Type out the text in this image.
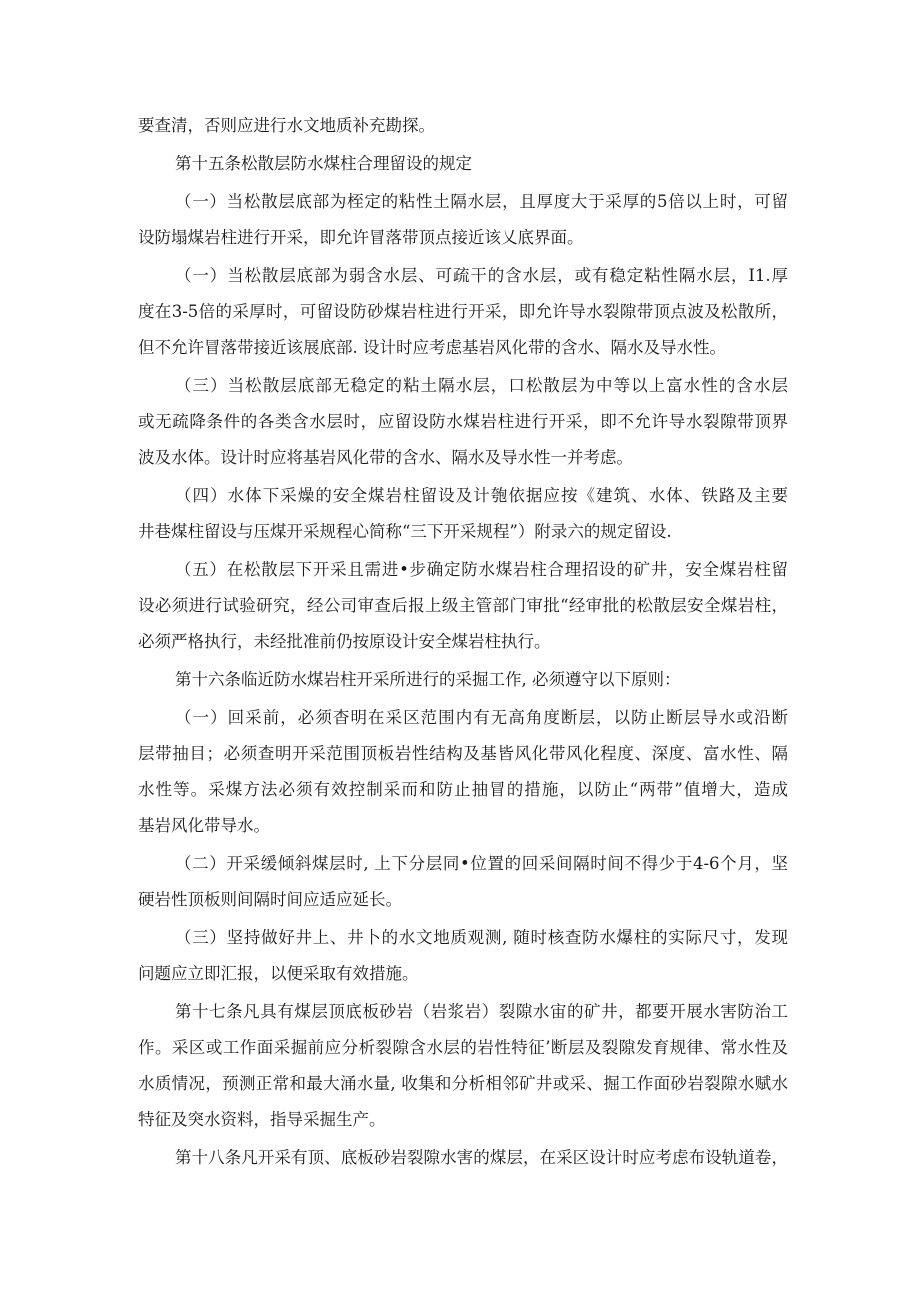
要查清，否则应进行水文地质补充勘探。
第十五条松散层防水煤柱合理留设的规定
（一）当松散层底部为桎定的粘性土隔水层，且厚度大于采厚的5倍以上时，可留
设防塌煤岩柱进行开采，即允许冒落带顶点接近该乂底界面。
（一）当松散层底部为弱含水层、可疏干的含水层，或有稳定粘性隔水层，I1.厚
度在3-5倍的采厚时，可留设防砂煤岩柱进行开采，即允许导水裂隙带顶点波及松散所，
但不允许冒落带接近该展底部. 设计时应考虑基岩风化带的含水、隔水及导水性。
（三）当松散层底部无稳定的粘土隔水层，口松散层为中等以上富水性的含水层
或无疏降条件的各类含水层时，应留设防水煤岩柱进行开采，即不允许导水裂隙带顶界
波及水体。设计时应将基岩风化带的含水、隔水及导水性一并考虑。
（四）水体下采燥的安全煤岩柱留设及计匏依据应按《建筑、水体、铁路及主要
井巷煤柱留设与压煤开采规程心简称“三下开采规程”）附录六的规定留设.
（五）在松散层下开采且需进•步确定防水煤岩柱合理招设的矿井，安全煤岩柱留
设必须进行试验研究，经公司审查后报上级主管部门审批“经审批的松散层安全煤岩柱，
必须严格执行，未经批准前仍按原设计安全煤岩柱执行。
第十六条临近防水煤岩柱开采所进行的采掘工作, 必须遵守以下原则：
（一）回采前，必须杳明在采区范围内有无高角度断层，以防止断层导水或沿断
层带抽目；必须查明开采范围顶板岩性结构及基皆风化带风化程度、深度、富水性、隔
水性等。采煤方法必须有效控制采而和防止抽冒的措施，以防止“两带”值增大，造成
基岩风化带导水。
（二）开采缓倾斜煤层时, 上下分层同•位置的回采间隔时间不得少于4-6个月，坚
硬岩性顶板则间隔时间应适应延长。
（三）坚持做好井上、井卜的水文地质观测, 随时核查防水爆柱的实际尺寸，发现
问题应立即汇报，以便采取有效措施。
第十七条凡具有煤层顶底板砂岩（岩浆岩）裂隙水宙的矿井，都要开展水害防治工
作。采区或工作面采掘前应分析裂隙含水层的岩性特征’断层及裂隙发育规律、常水性及
水质情况，预测正常和最大涌水量, 收集和分析相邻矿井或采、掘工作面砂岩裂隙水赋水
特征及突水资料，指导采掘生产。
第十八条凡开采有顶、底板砂岩裂隙水害的煤层，在采区设计时应考虑布设轨道卷，
